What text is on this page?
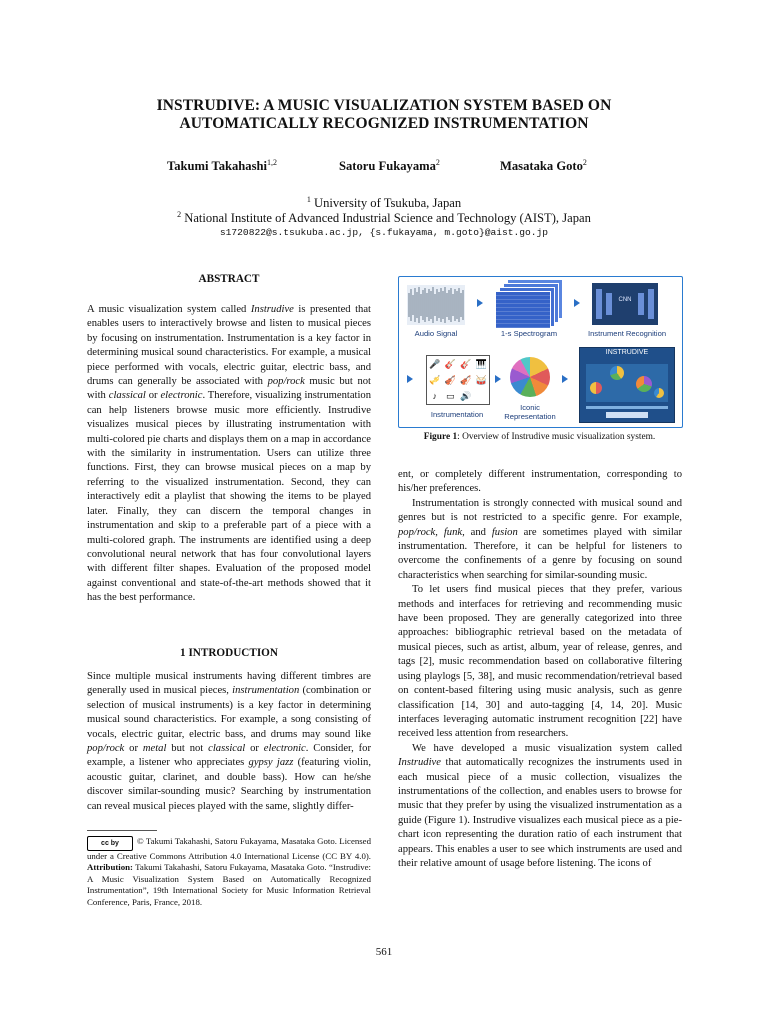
INSTRUDIVE: A MUSIC VISUALIZATION SYSTEM BASED ON
AUTOMATICALLY RECOGNIZED INSTRUMENTATION
Takumi Takahashi$^{1,2}$	Satoru Fukayama$^2$	Masataka Goto$^2$
$^1$ University of Tsukuba, Japan
$^2$ National Institute of Advanced Industrial Science and Technology (AIST), Japan
s1720822@s.tsukuba.ac.jp, {s.fukayama, m.goto}@aist.go.jp
ABSTRACT
A music visualization system called Instrudive is presented that enables users to interactively browse and listen to musical pieces by focusing on instrumentation. Instrumentation is a key factor in determining musical sound characteristics. For example, a musical piece performed with vocals, electric guitar, electric bass, and drums can generally be associated with pop/rock music but not with classical or electronic. Therefore, visualizing instrumentation can help listeners browse music more efficiently. Instrudive visualizes musical pieces by illustrating instrumentation with multi-colored pie charts and displays them on a map in accordance with the similarity in instrumentation. Users can utilize three functions. First, they can browse musical pieces on a map by referring to the visualized instrumentation. Second, they can interactively edit a playlist that showing the items to be played later. Finally, they can discern the temporal changes in instrumentation and skip to a preferable part of a piece with a multi-colored graph. The instruments are identified using a deep convolutional neural network that has four convolutional layers with different filter shapes. Evaluation of the proposed model against conventional and state-of-the-art methods showed that it has the best performance.
1 INTRODUCTION
Since multiple musical instruments having different timbres are generally used in musical pieces, instrumentation (combination or selection of musical instruments) is a key factor in determining musical sound characteristics. For example, a song consisting of vocals, electric guitar, electric bass, and drums may sound like pop/rock or metal but not classical or electronic. Consider, for example, a listener who appreciates gypsy jazz (featuring violin, acoustic guitar, clarinet, and double bass). How can he/she discover similar-sounding music? Searching by instrumentation can reveal musical pieces played with the same, slightly differ-
cc by © Takumi Takahashi, Satoru Fukayama, Masataka Goto. Licensed under a Creative Commons Attribution 4.0 International License (CC BY 4.0). Attribution: Takumi Takahashi, Satoru Fukayama, Masataka Goto. “Instrudive: A Music Visualization System Based on Automatically Recognized Instrumentation”, 19th International Society for Music Information Retrieval Conference, Paris, France, 2018.
Audio Signal	1-s Spectrogram
CNN
Instrument Recognition
🎤 🎸 🎸 🎹
🎺 🎻 🎻 🥁
♪ ▭ 🔊
Instrumentation
Iconic
Representation
INSTRUDIVE
Figure 1: Overview of Instrudive music visualization system.

ent, or completely different instrumentation, corresponding to his/her preferences.

Instrumentation is strongly connected with musical sound and genres but is not restricted to a specific genre. For example, pop/rock, funk, and fusion are sometimes played with similar instrumentation. Therefore, it can be helpful for listeners to overcome the confinements of a genre by focusing on sound characteristics when searching for similar-sounding music.

To let users find musical pieces that they prefer, various methods and interfaces for retrieving and recommending music have been proposed. They are generally categorized into three approaches: bibliographic retrieval based on the metadata of musical pieces, such as artist, album, year of release, genres, and tags [2], music recommendation based on collaborative filtering using playlogs [5, 38], and music recommendation/retrieval based on content-based filtering using music analysis, such as genre classification [14, 30] and auto-tagging [4, 14, 20]. Music interfaces leveraging automatic instrument recognition [22] have received less attention from researchers.

We have developed a music visualization system called Instrudive that automatically recognizes the instruments used in each musical piece of a music collection, visualizes the instrumentations of the collection, and enables users to browse for music that they prefer by using the visualized instrumentation as a guide (Figure 1). Instrudive visualizes each musical piece as a pie-chart icon representing the duration ratio of each instrument that appears. This enables a user to see which instruments are used and their relative amount of usage before listening. The icons of

561
